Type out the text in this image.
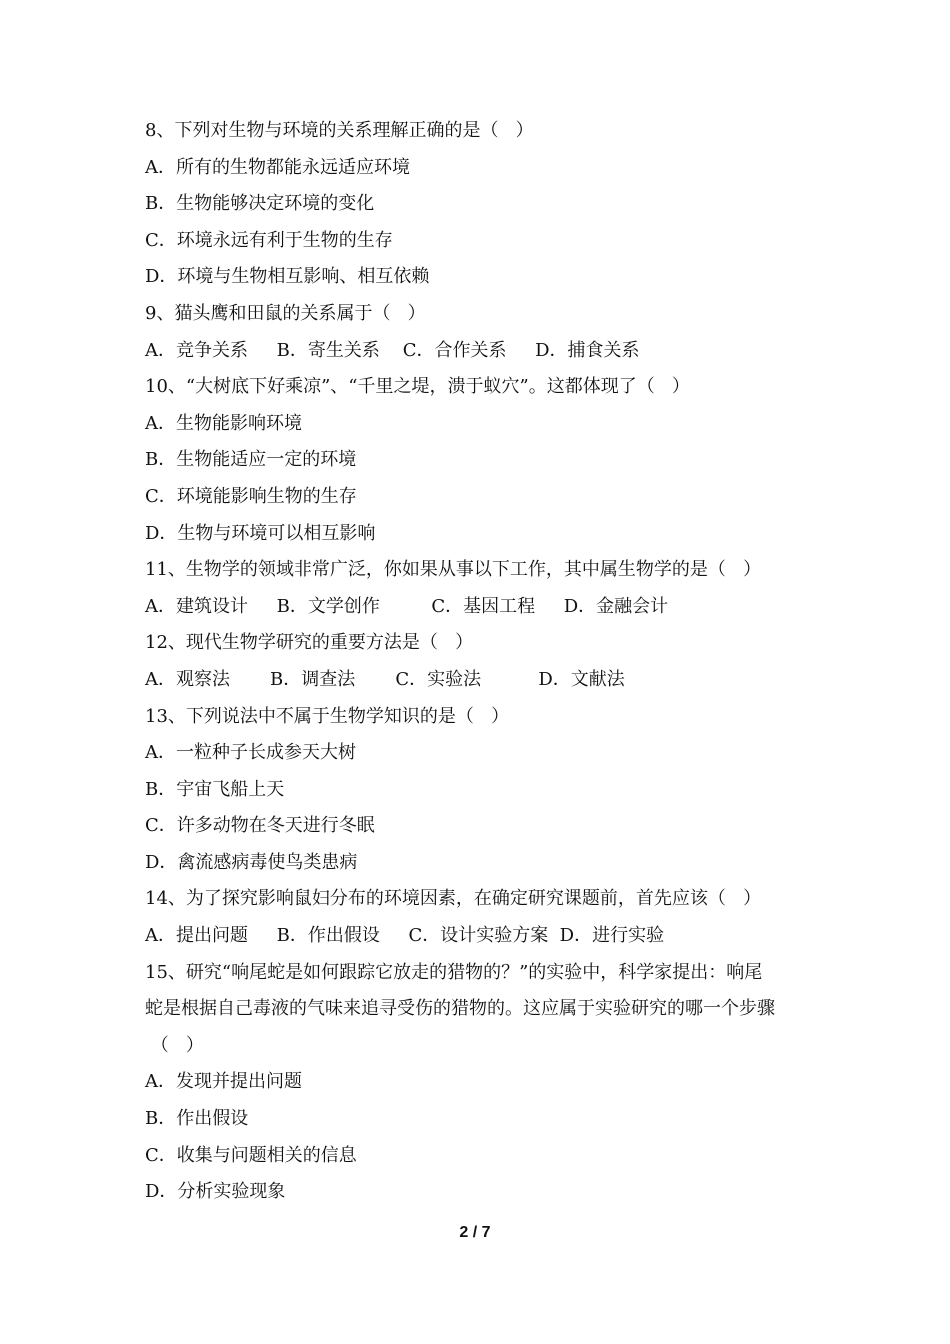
8、下列对生物与环境的关系理解正确的是（   ）
A．所有的生物都能永远适应环境
B．生物能够决定环境的变化
C．环境永远有利于生物的生存
D．环境与生物相互影响、相互依赖
9、猫头鹰和田鼠的关系属于（   ）
A．竞争关系     B．寄生关系    C．合作关系     D．捕食关系
10、“大树底下好乘凉”、“千里之堤，溃于蚁穴”。这都体现了（   ）
A．生物能影响环境
B．生物能适应一定的环境
C．环境能影响生物的生存
D．生物与环境可以相互影响
11、生物学的领域非常广泛，你如果从事以下工作，其中属生物学的是（   ）
A．建筑设计     B．文学创作         C．基因工程     D．金融会计
12、现代生物学研究的重要方法是（   ）
A．观察法       B．调查法       C．实验法          D．文献法
13、下列说法中不属于生物学知识的是（   ）
A．一粒种子长成参天大树
B．宇宙飞船上天
C．许多动物在冬天进行冬眠
D．禽流感病毒使鸟类患病
14、为了探究影响鼠妇分布的环境因素，在确定研究课题前，首先应该（   ）
A．提出问题     B．作出假设     C．设计实验方案  D．进行实验
15、研究“响尾蛇是如何跟踪它放走的猎物的？”的实验中，科学家提出：响尾
蛇是根据自己毒液的气味来追寻受伤的猎物的。这应属于实验研究的哪一个步骤
（   ）
A．发现并提出问题
B．作出假设
C．收集与问题相关的信息
D．分析实验现象
2 / 7
